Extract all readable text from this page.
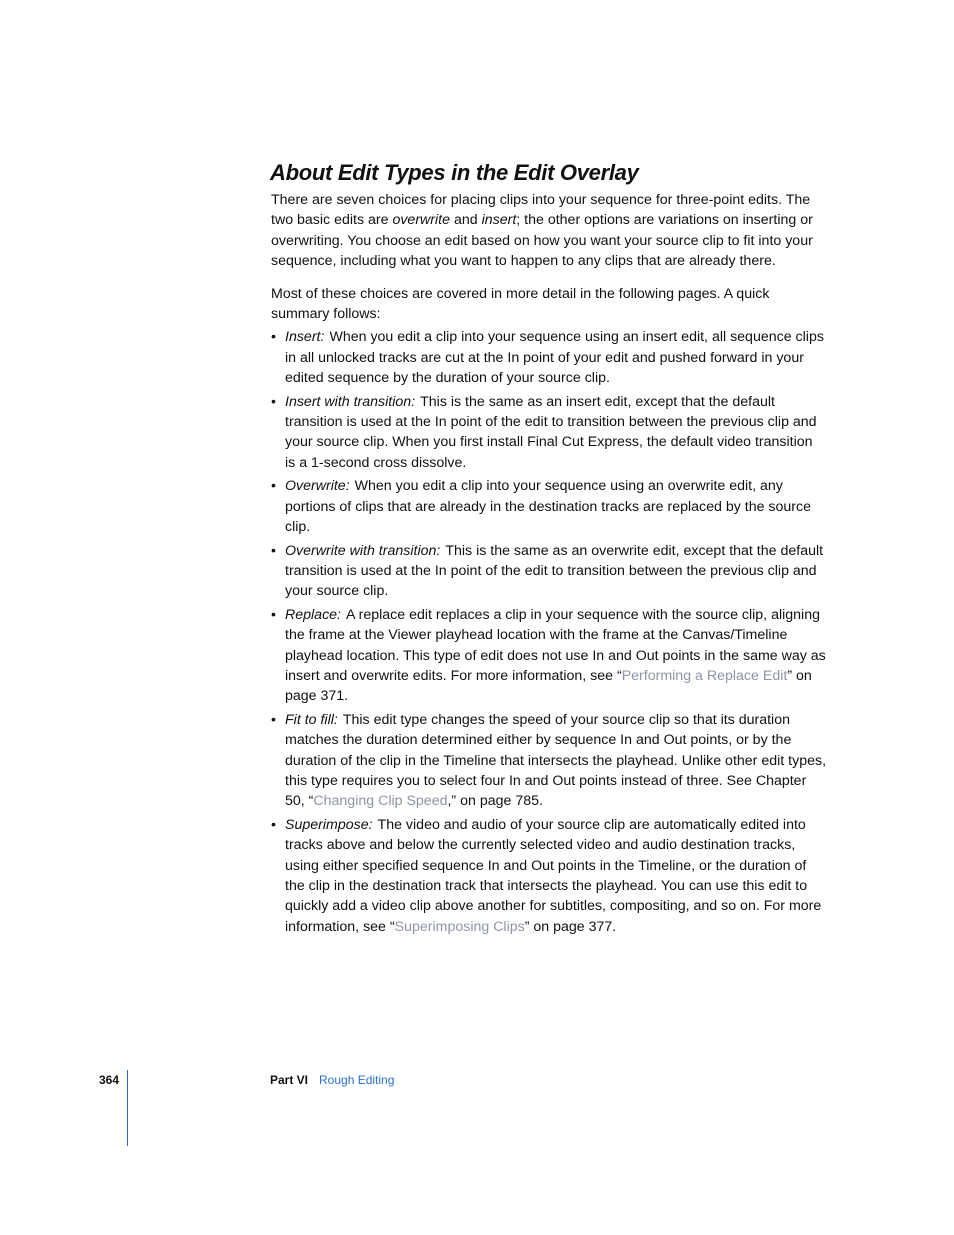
About Edit Types in the Edit Overlay

There are seven choices for placing clips into your sequence for three-point edits. The two basic edits are overwrite and insert; the other options are variations on inserting or overwriting. You choose an edit based on how you want your source clip to fit into your sequence, including what you want to happen to any clips that are already there.

Most of these choices are covered in more detail in the following pages. A quick summary follows:

• Insert: When you edit a clip into your sequence using an insert edit, all sequence clips in all unlocked tracks are cut at the In point of your edit and pushed forward in your edited sequence by the duration of your source clip.
• Insert with transition: This is the same as an insert edit, except that the default transition is used at the In point of the edit to transition between the previous clip and your source clip. When you first install Final Cut Express, the default video transition is a 1-second cross dissolve.
• Overwrite: When you edit a clip into your sequence using an overwrite edit, any portions of clips that are already in the destination tracks are replaced by the source clip.
• Overwrite with transition: This is the same as an overwrite edit, except that the default transition is used at the In point of the edit to transition between the previous clip and your source clip.
• Replace: A replace edit replaces a clip in your sequence with the source clip, aligning the frame at the Viewer playhead location with the frame at the Canvas/Timeline playhead location. This type of edit does not use In and Out points in the same way as insert and overwrite edits. For more information, see “Performing a Replace Edit” on page 371.
• Fit to fill: This edit type changes the speed of your source clip so that its duration matches the duration determined either by sequence In and Out points, or by the duration of the clip in the Timeline that intersects the playhead. Unlike other edit types, this type requires you to select four In and Out points instead of three. See Chapter 50, “Changing Clip Speed,” on page 785.
• Superimpose: The video and audio of your source clip are automatically edited into tracks above and below the currently selected video and audio destination tracks, using either specified sequence In and Out points in the Timeline, or the duration of the clip in the destination track that intersects the playhead. You can use this edit to quickly add a video clip above another for subtitles, compositing, and so on. For more information, see “Superimposing Clips” on page 377.
364	Part VI Rough Editing
